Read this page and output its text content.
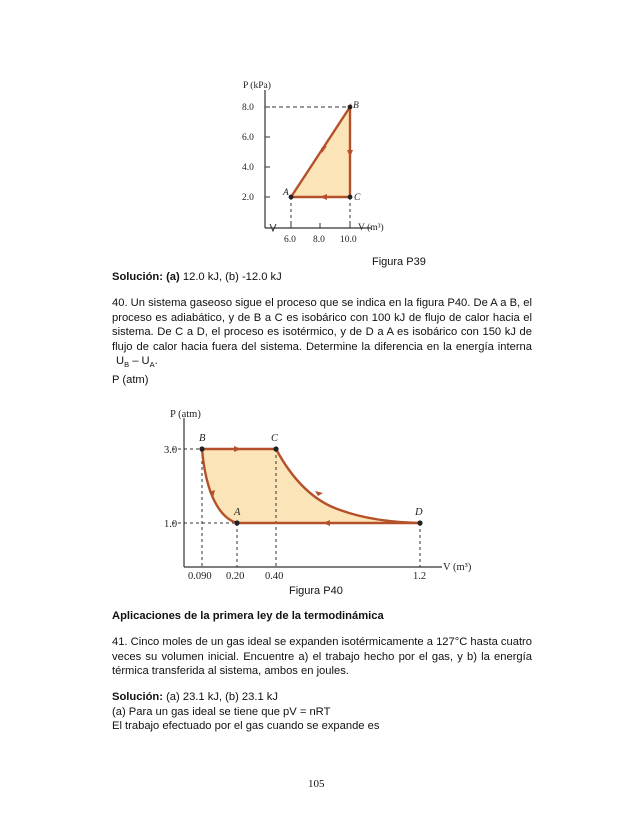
P (kPa)
8.0
6.0
4.0
2.0
6.0 8.0 10.0
V (m³)
A
B
C
Figura P39
Solución: (a) 12.0 kJ, (b) -12.0 kJ
40. Un sistema gaseoso sigue el proceso que se indica en la figura P40. De A a B, el proceso es adiabático, y de B a C es isobárico con 100 kJ de flujo de calor hacia el sistema. De C a D, el proceso es isotérmico, y de D a A es isobárico con 150 kJ de flujo de calor hacia fuera del sistema. Determine la diferencia en la energía interna $U_B - U_A$.
P (atm)
P (atm)
3.0
1.0
0.090 0.20 0.40	1.2
V (m³)
B	C
A	D
Figura P40
Aplicaciones de la primera ley de la termodinámica
41. Cinco moles de un gas ideal se expanden isotérmicamente a 127°C hasta cuatro veces su volumen inicial. Encuentre a) el trabajo hecho por el gas, y b) la energía térmica transferida al sistema, ambos en joules.
Solución: (a) 23.1 kJ, (b) 23.1 kJ
(a) Para un gas ideal se tiene que pV = nRT
El trabajo efectuado por el gas cuando se expande es
105
